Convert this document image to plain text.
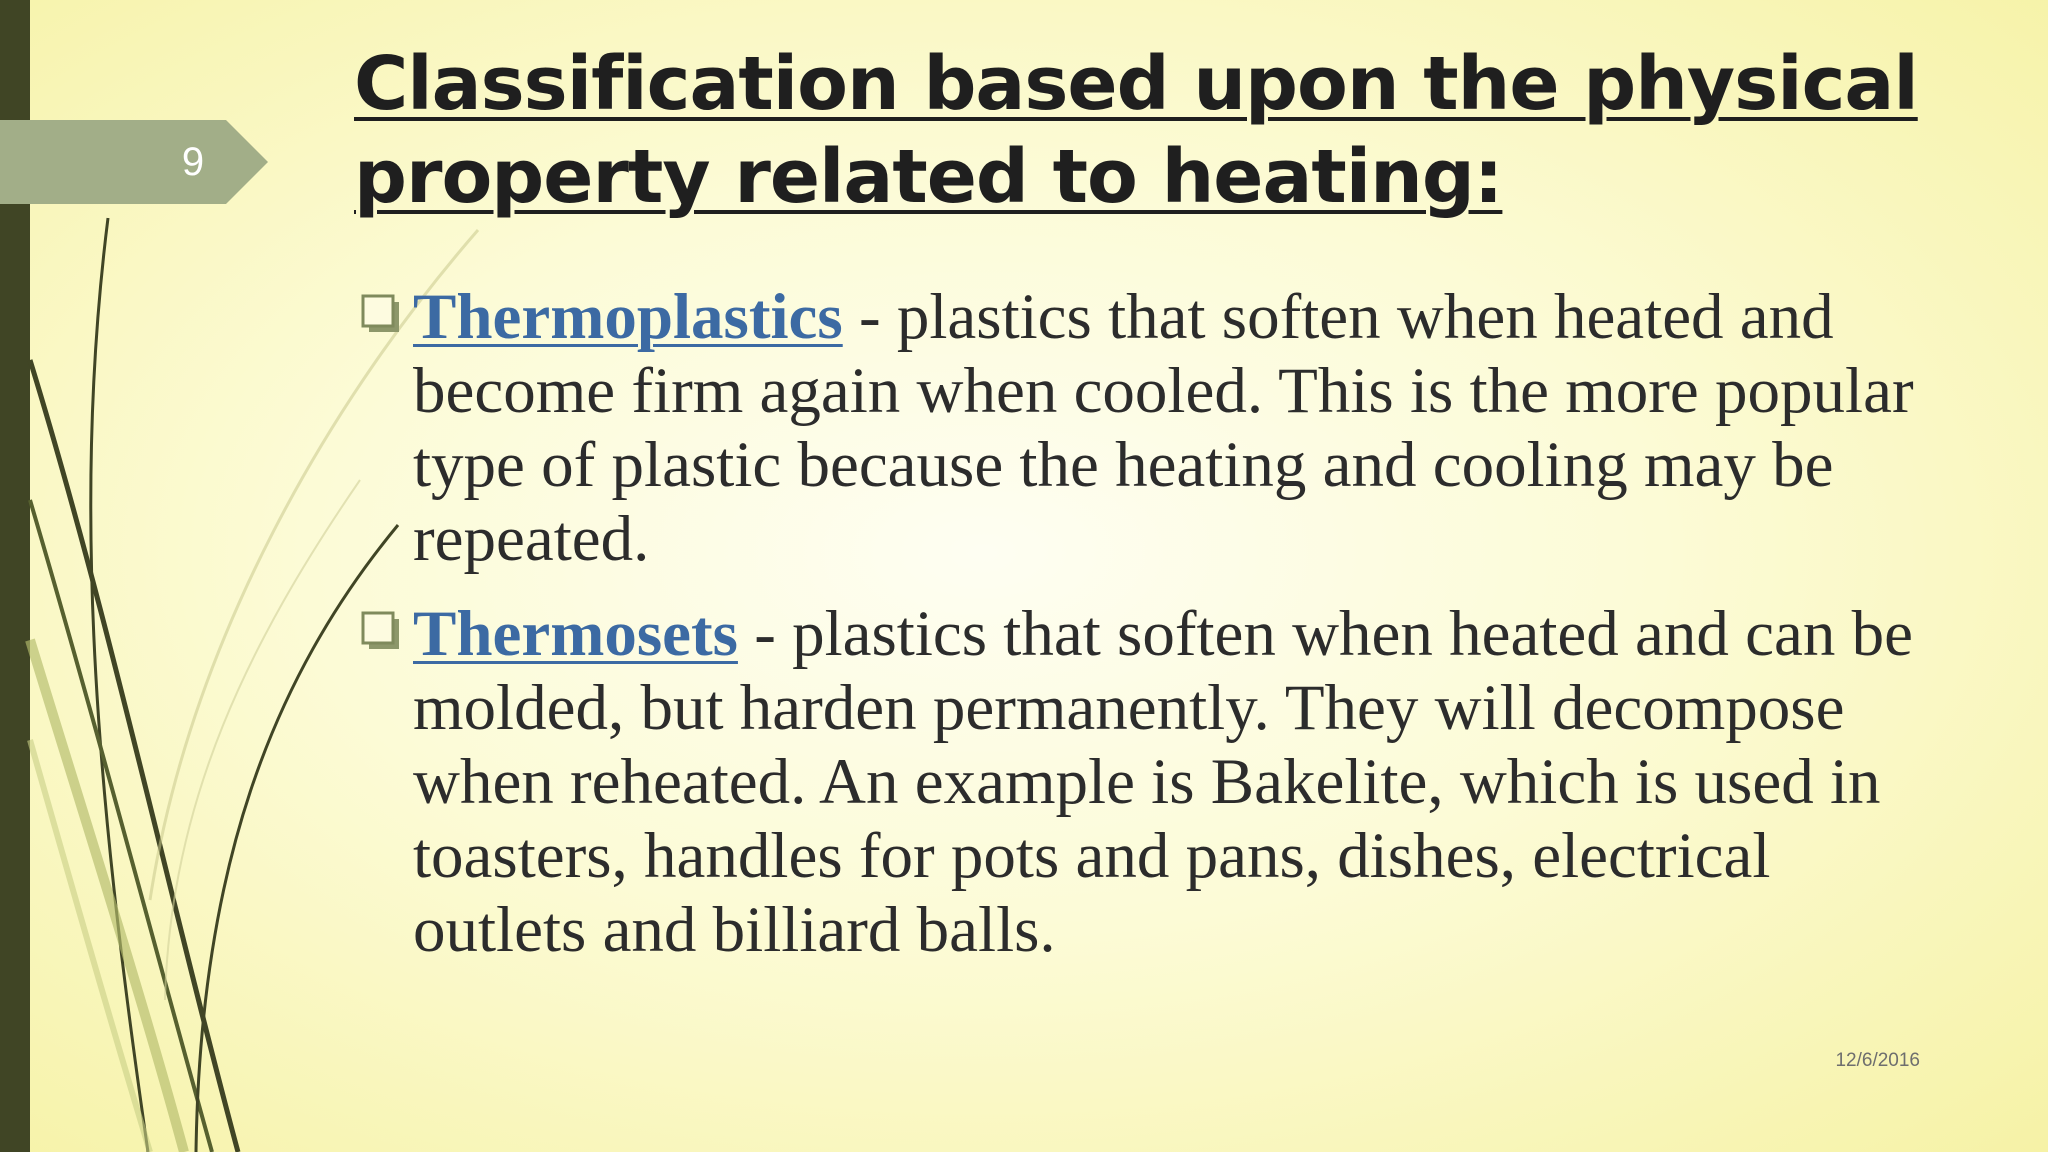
9
Classification based upon the physical
property related to heating:
Thermoplastics - plastics that soften when heated and become firm again when cooled. This is the more popular type of plastic because the heating and cooling may be repeated.
Thermosets - plastics that soften when heated and can be molded, but harden permanently. They will decompose when reheated. An example is Bakelite, which is used in toasters, handles for pots and pans, dishes, electrical outlets and billiard balls.
12/6/2016
